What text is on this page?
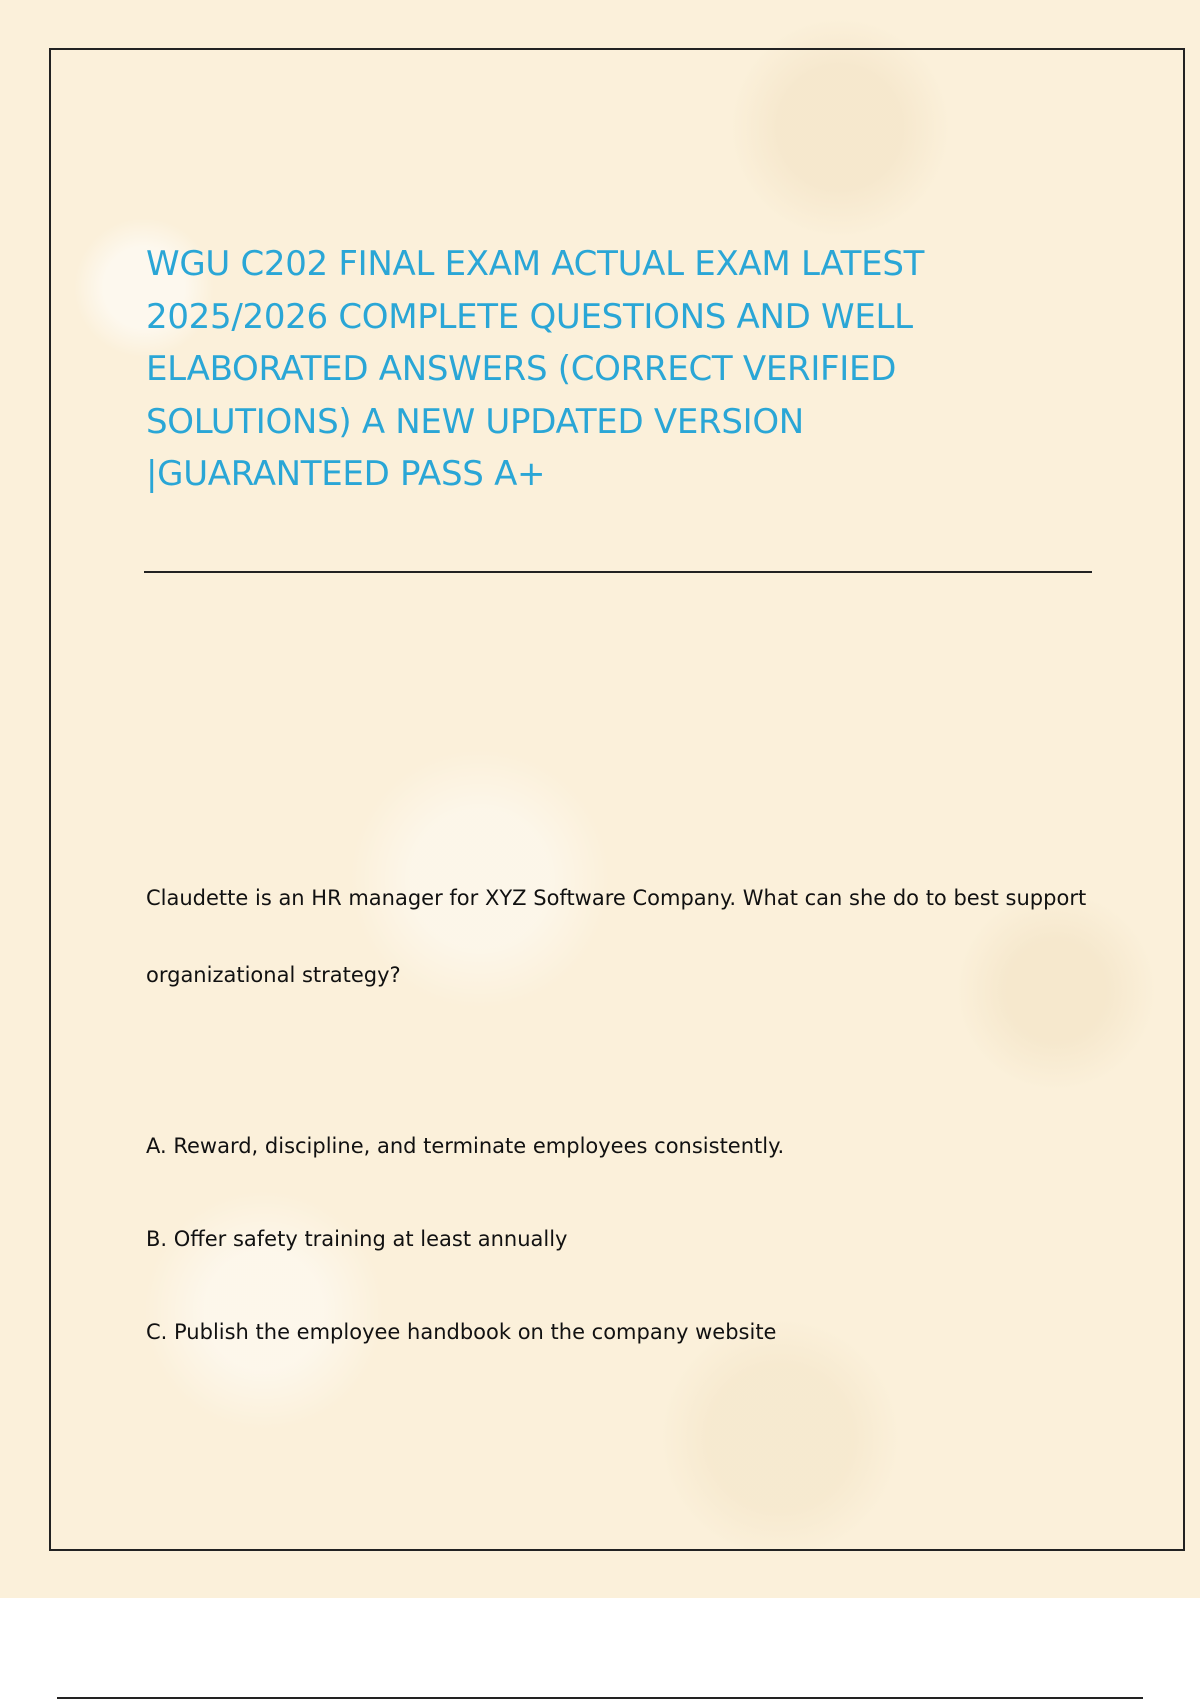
WGU C202 FINAL EXAM ACTUAL EXAM LATEST 2025/2026 COMPLETE QUESTIONS AND WELL ELABORATED ANSWERS (CORRECT VERIFIED SOLUTIONS) A NEW UPDATED VERSION |GUARANTEED PASS A+

Claudette is an HR manager for XYZ Software Company. What can she do to best support organizational strategy?

A. Reward, discipline, and terminate employees consistently.

B. Offer safety training at least annually

C. Publish the employee handbook on the company website
